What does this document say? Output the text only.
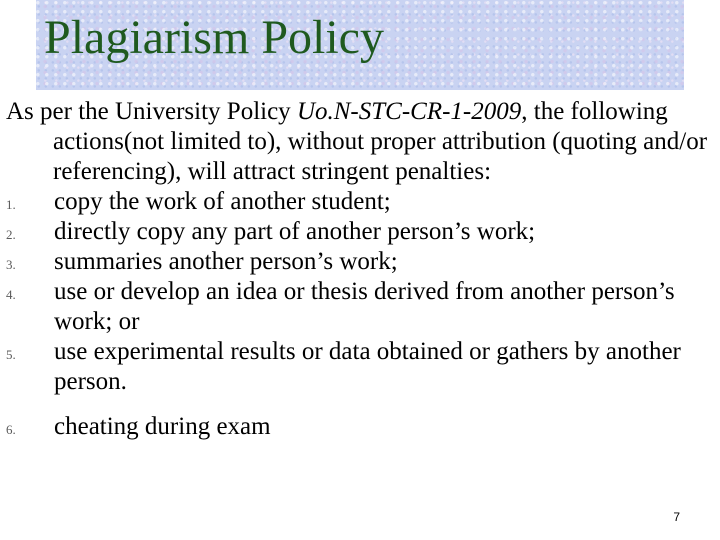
Plagiarism Policy
As per the University Policy Uo.N-STC-CR-1-2009, the following actions(not limited to), without proper attribution (quoting and/or referencing), will attract stringent penalties:
1. copy the work of another student;
2. directly copy any part of another person’s work;
3. summaries another person’s work;
4. use or develop an idea or thesis derived from another person’s work; or
5. use experimental results or data obtained or gathers by another person.
6. cheating during exam
7
